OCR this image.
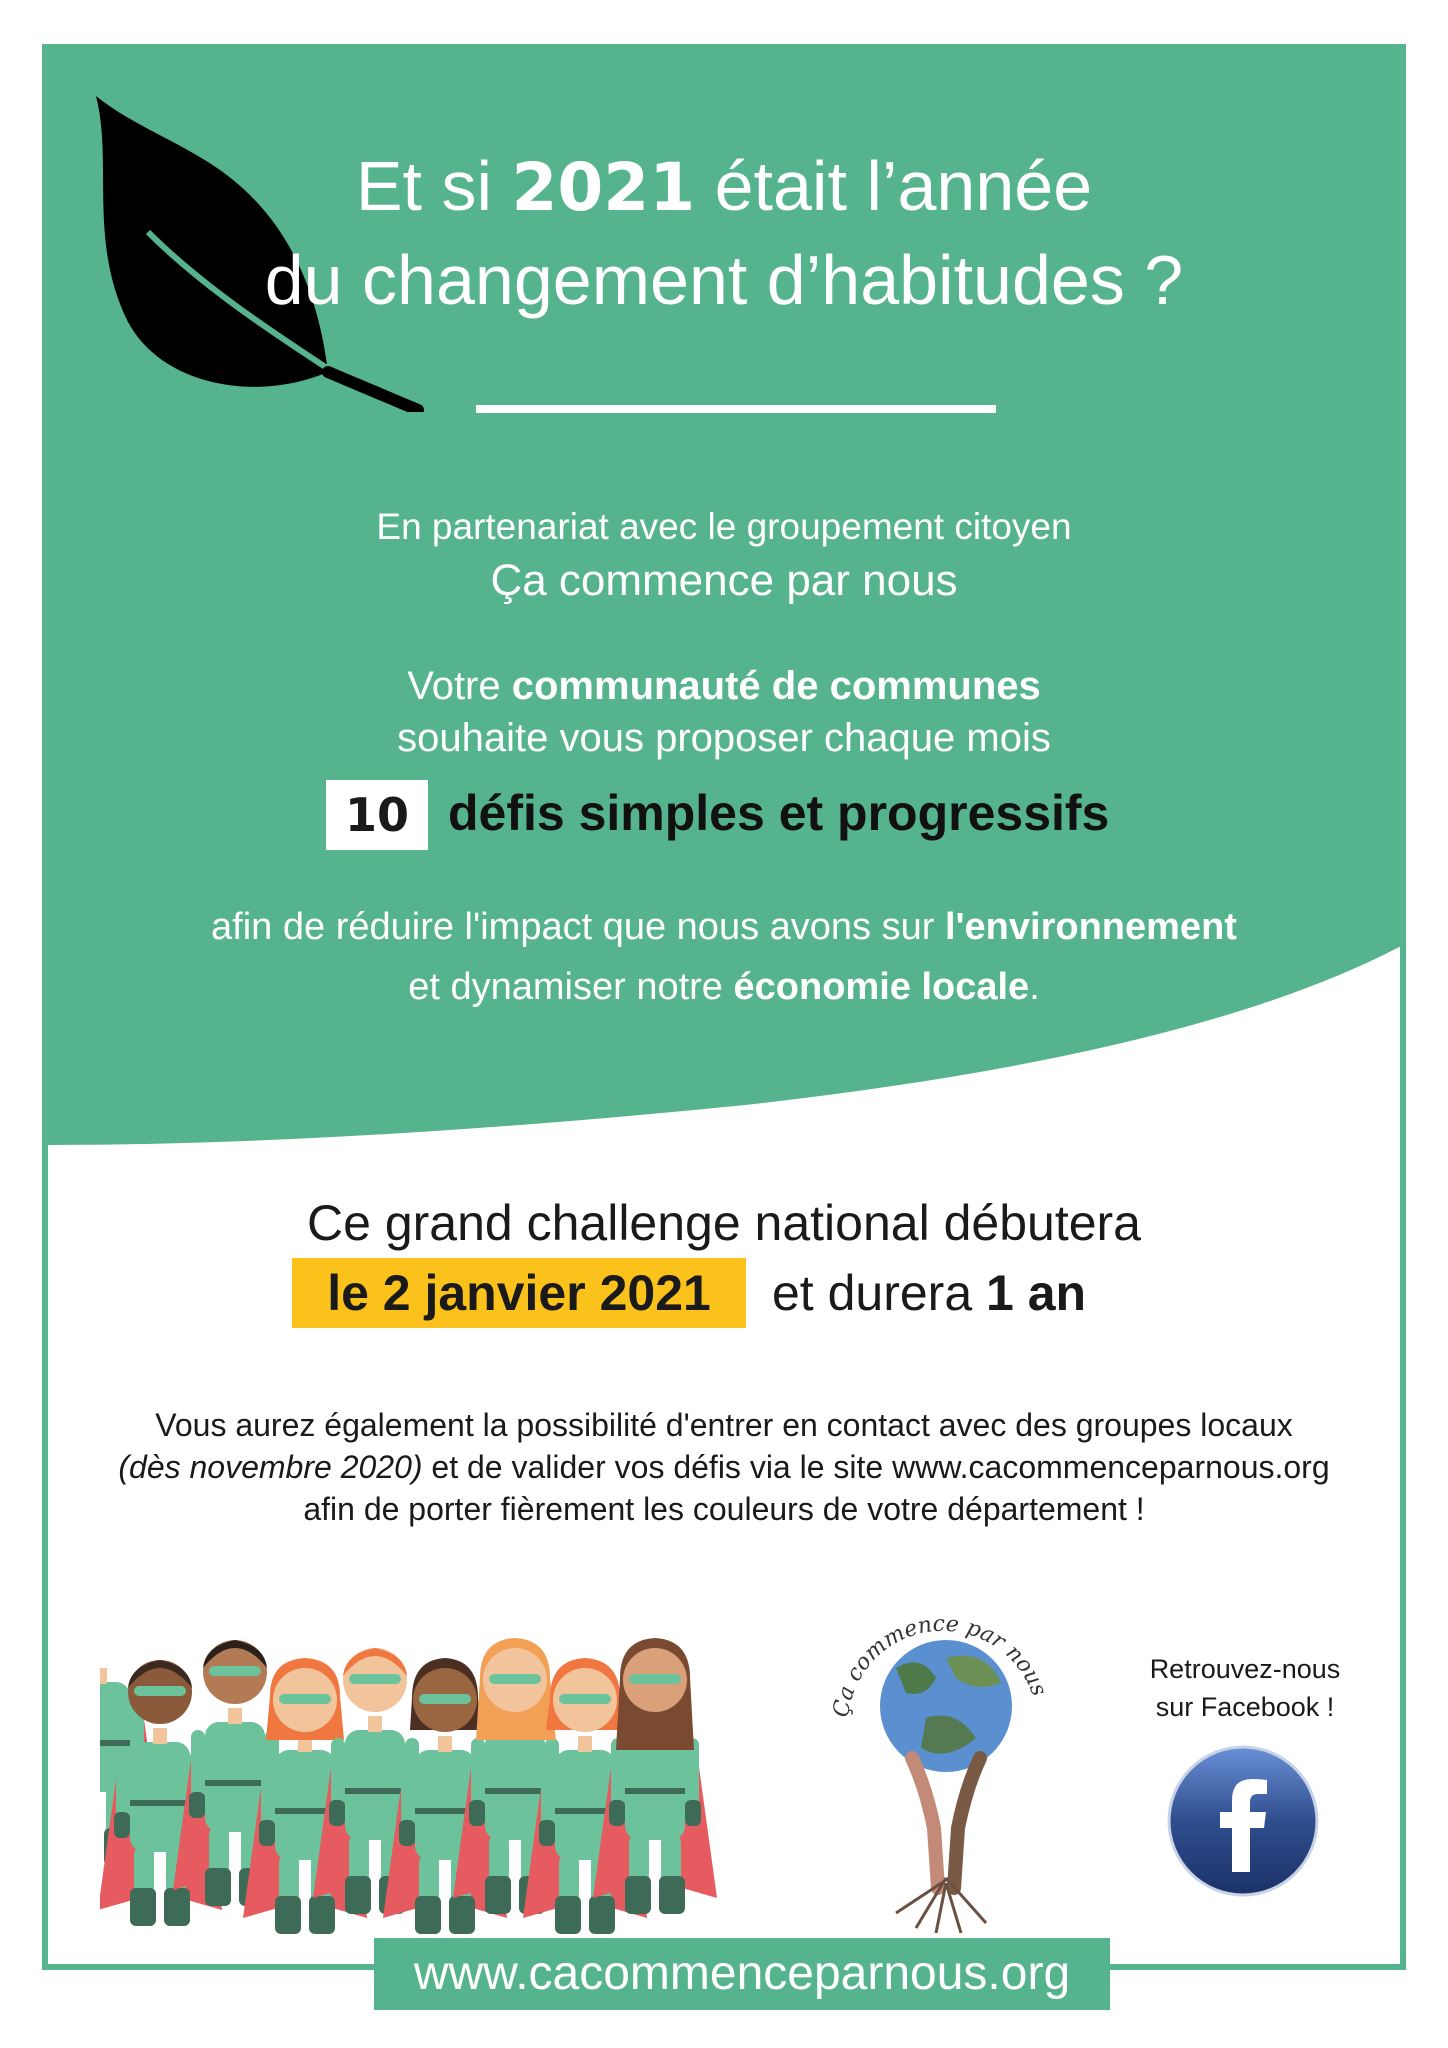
Et si 2021 était l’année
du changement d’habitudes ?
En partenariat avec le groupement citoyen
Ça commence par nous
Votre communauté de communes
souhaite vous proposer chaque mois
10 défis simples et progressifs
afin de réduire l'impact que nous avons sur l'environnement
et dynamiser notre économie locale.
Ce grand challenge national débutera
le 2 janvier 2021	et durera 1 an
Vous aurez également la possibilité d'entrer en contact avec des groupes locaux
(dès novembre 2020) et de valider vos défis via le site www.cacommenceparnous.org
afin de porter fièrement les couleurs de votre département !
Ça commence par nous
Retrouvez-nous
sur Facebook !
www.cacommenceparnous.org
